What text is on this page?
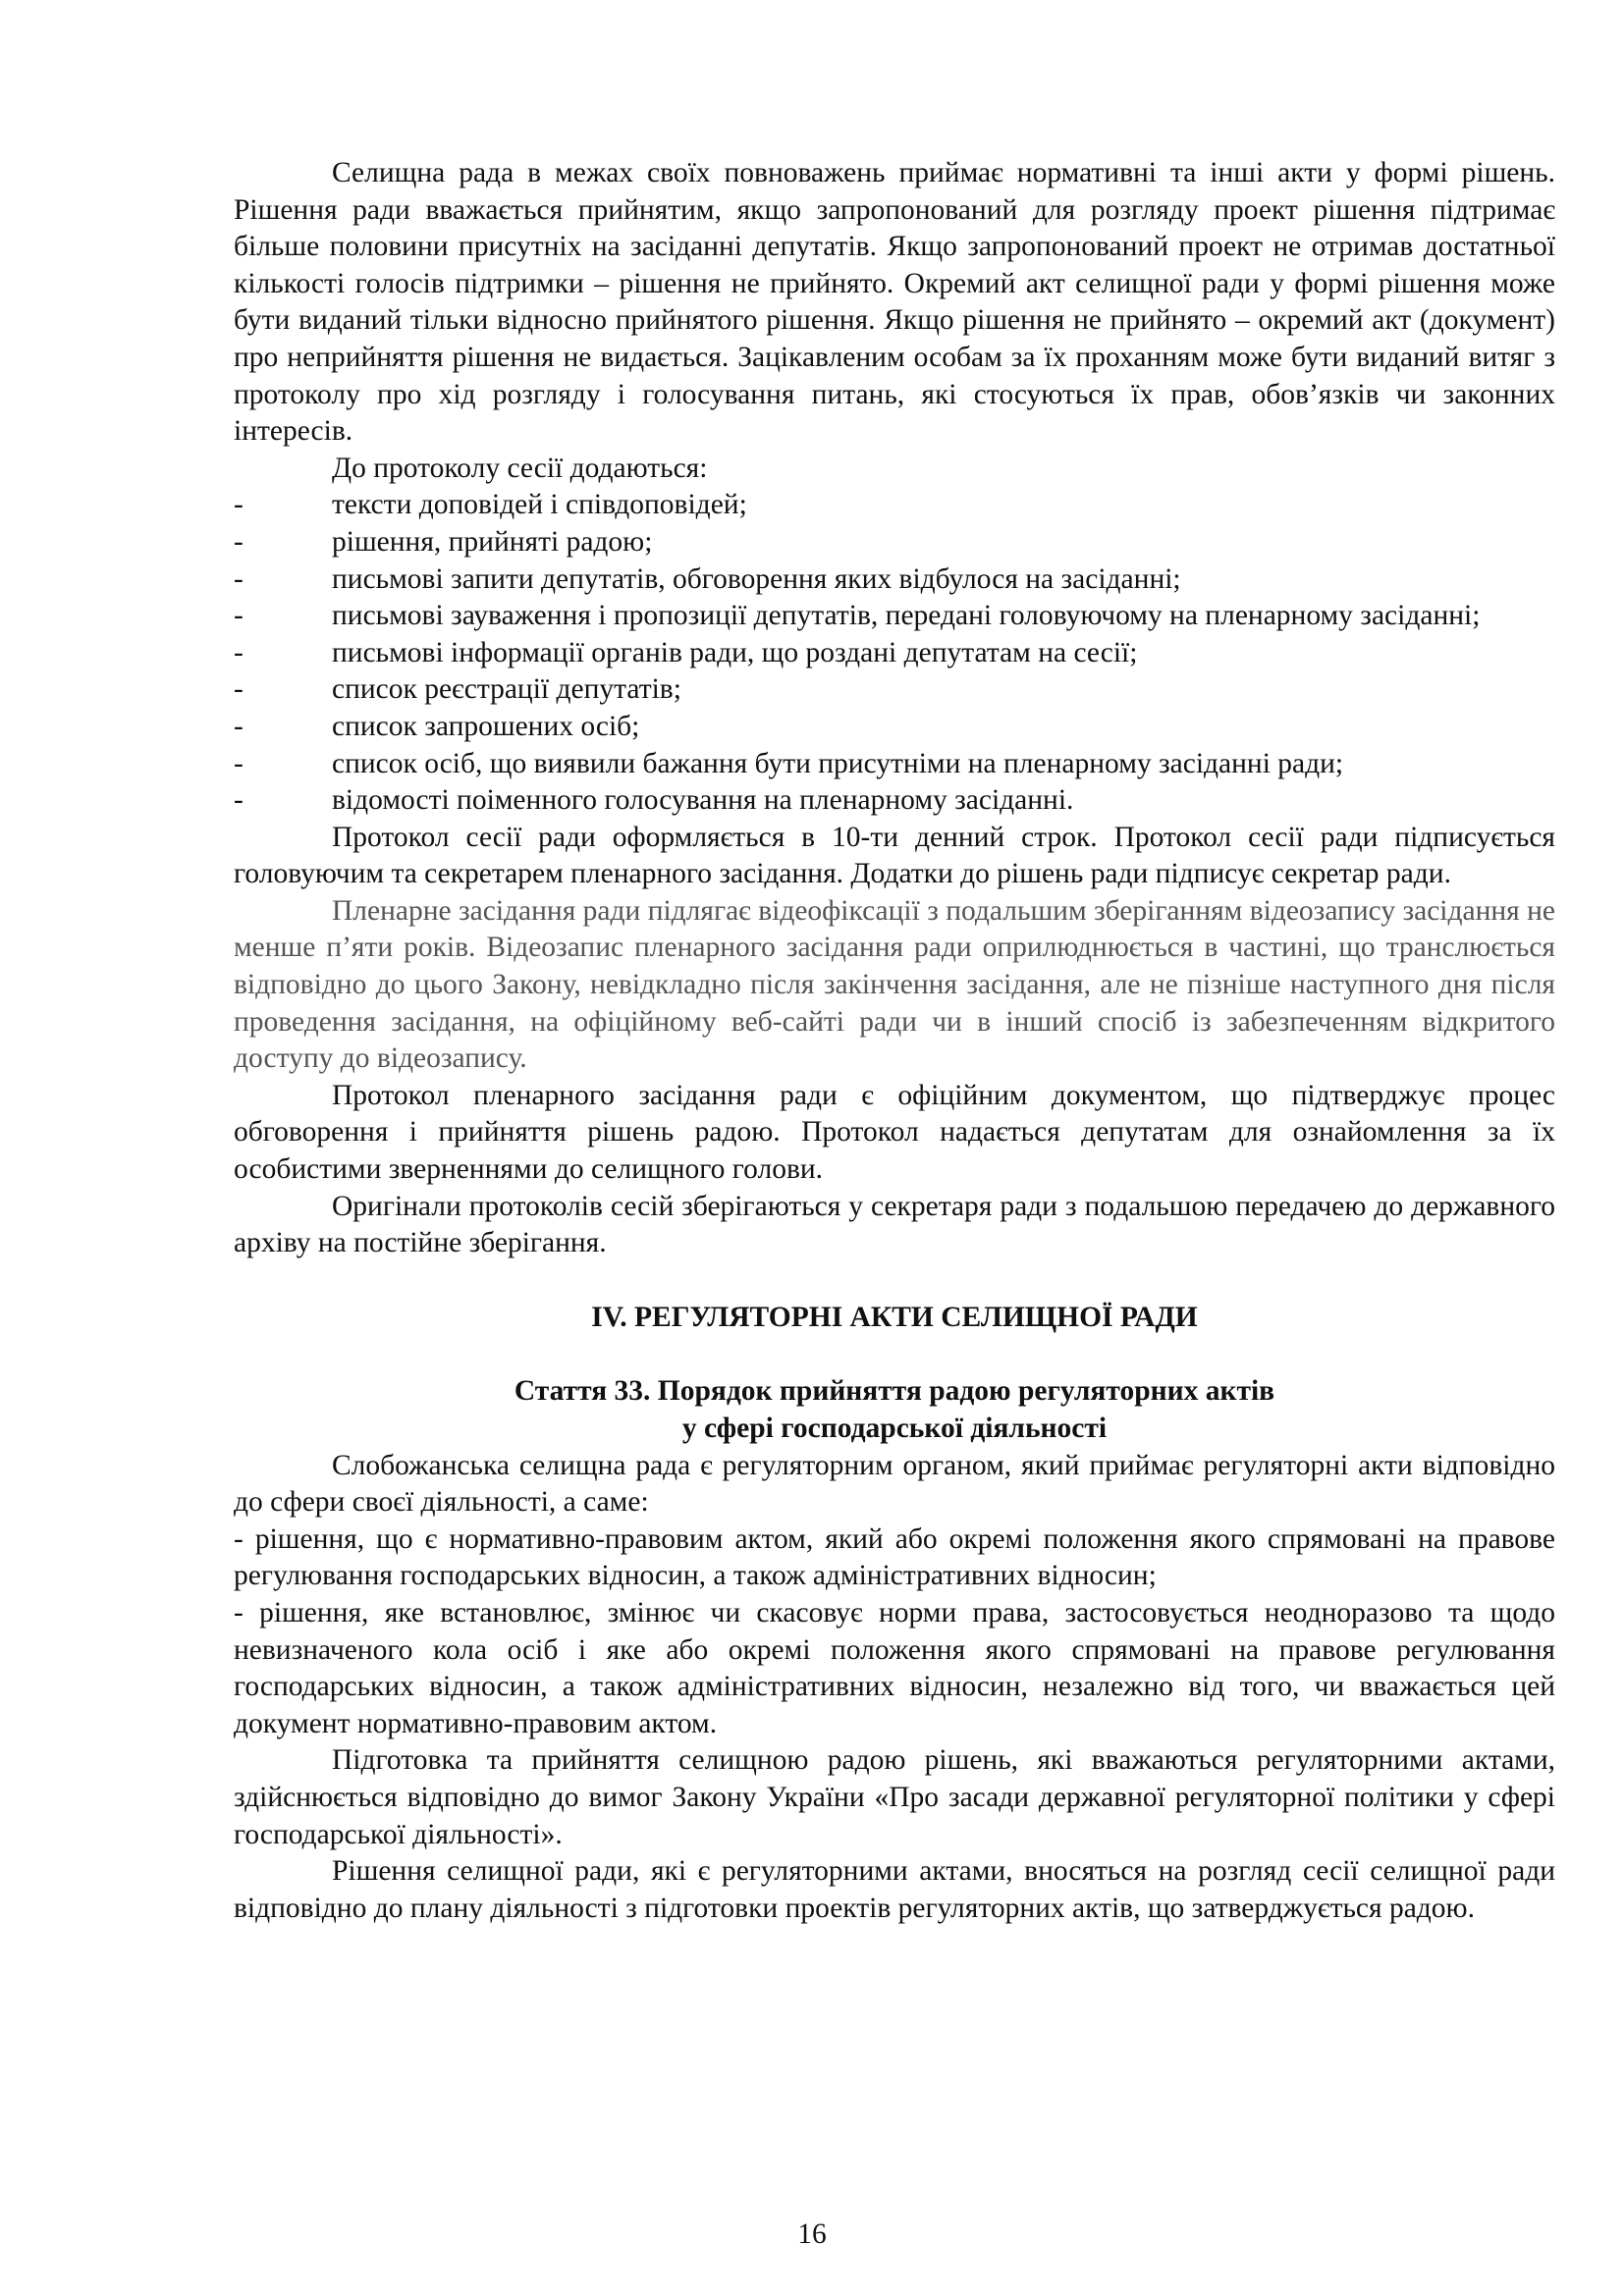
Селищна рада в межах своїх повноважень приймає нормативні та інші акти у формі рішень. Рішення ради вважається прийнятим, якщо запропонований для розгляду проект рішення підтримає більше половини присутніх на засіданні депутатів. Якщо запропонований проект не отримав достатньої кількості голосів підтримки – рішення не прийнято. Окремий акт селищної ради у формі рішення може бути виданий тільки відносно прийнятого рішення. Якщо рішення не прийнято – окремий акт (документ) про неприйняття рішення не видається. Зацікавленим особам за їх проханням може бути виданий витяг з протоколу про хід розгляду і голосування питань, які стосуються їх прав, обов’язків чи законних інтересів.

До протоколу сесії додаються:

-	тексти доповідей і співдоповідей;
-	рішення, прийняті радою;
-	письмові запити депутатів, обговорення яких відбулося на засіданні;
-	письмові зауваження і пропозиції депутатів, передані головуючому на пленарному засіданні;
-	письмові інформації органів ради, що роздані депутатам на сесії;
-	список реєстрації депутатів;
-	список запрошених осіб;
-	список осіб, що виявили бажання бути присутніми на пленарному засіданні ради;
-	відомості поіменного голосування на пленарному засіданні.

Протокол сесії ради оформляється в 10-ти денний строк. Протокол сесії ради підписується головуючим та секретарем пленарного засідання. Додатки до рішень ради підписує секретар ради.

Пленарне засідання ради підлягає відеофіксації з подальшим зберіганням відеозапису засідання не менше п’яти років. Відеозапис пленарного засідання ради оприлюднюється в частині, що транслюється відповідно до цього Закону, невідкладно після закінчення засідання, але не пізніше наступного дня після проведення засідання, на офіційному веб-сайті ради чи в інший спосіб із забезпеченням відкритого доступу до відеозапису.

Протокол пленарного засідання ради є офіційним документом, що підтверджує процес обговорення і прийняття рішень радою. Протокол надається депутатам для ознайомлення за їх особистими зверненнями до селищного голови.

Оригінали протоколів сесій зберігаються у секретаря ради з подальшою передачею до державного архіву на постійне зберігання.

IV. РЕГУЛЯТОРНІ АКТИ СЕЛИЩНОЇ РАДИ
Стаття 33. Порядок прийняття радою регуляторних актів
у сфері господарської діяльності

Слобожанська селищна рада є регуляторним органом, який приймає регуляторні акти відповідно до сфери своєї діяльності, а саме:

- рішення, що є нормативно-правовим актом, який або окремі положення якого спрямовані на правове регулювання господарських відносин, а також адміністративних відносин;

- рішення, яке встановлює, змінює чи скасовує норми права, застосовується неодноразово та щодо невизначеного кола осіб і яке або окремі положення якого спрямовані на правове регулювання господарських відносин, а також адміністративних відносин, незалежно від того, чи вважається цей документ нормативно-правовим актом.

Підготовка та прийняття селищною радою рішень, які вважаються регуляторними актами, здійснюється відповідно до вимог Закону України «Про засади державної регуляторної політики у сфері господарської діяльності».

Рішення селищної ради, які є регуляторними актами, вносяться на розгляд сесії селищної ради відповідно до плану діяльності з підготовки проектів регуляторних актів, що затверджується радою.

16
